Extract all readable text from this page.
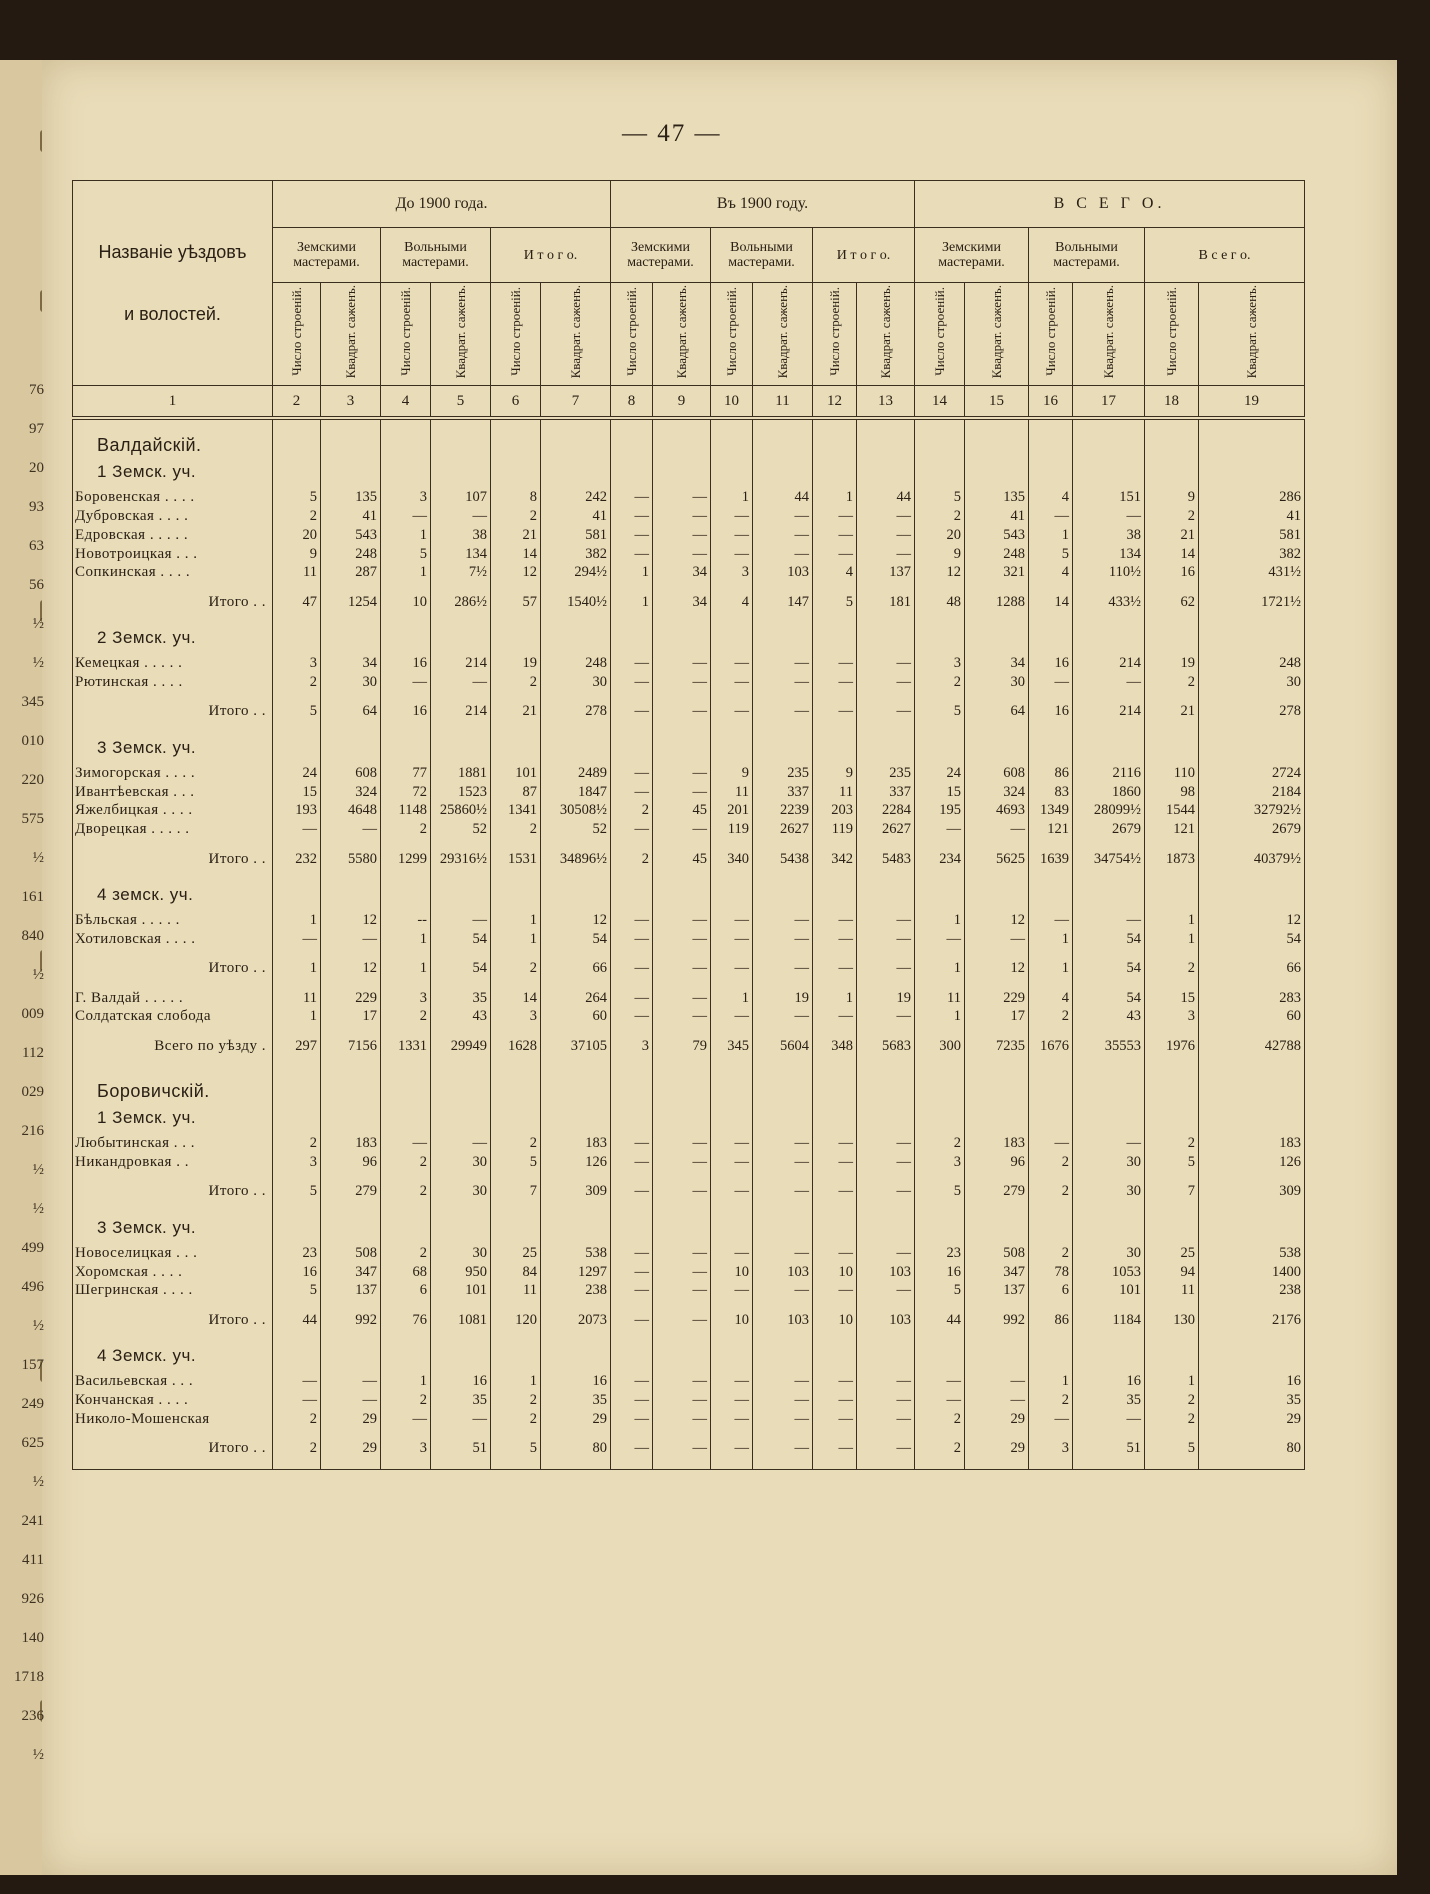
76
97
20
93
63
56
½
½
345
010
220
575
½
161
840
½
009
112
029
216
½
½
499
496
½
157
249
625
½
241
411
926
140
1718
236
½
— 47 —
Названіе уѣздовъ
и волостей.	До 1900 года.						Въ 1900 году.						В С Е Г О.					
	Земскими мастерами.		Вольными мастерами.		И т о г о.		Земскими мастерами.		Вольными мастерами.		И т о г о.		Земскими мастерами.		Вольными мастерами.		В с е г о.	
	Число строеній.	Квадрат. саженъ.	Число строеній.	Квадрат. саженъ.	Число строеній.	Квадрат. саженъ.	Число строеній.	Квадрат. саженъ.	Число строеній.	Квадрат. саженъ.	Число строеній.	Квадрат. саженъ.	Число строеній.	Квадрат. саженъ.	Число строеній.	Квадрат. саженъ.	Число строеній.	Квадрат. саженъ.
1	2	3	4	5	6	7	8	9	10	11	12	13	14	15	16	17	18	19
Валдайскій.																		
1 Земск. уч.																		
Боровенская . . . .	5	135	3	107	8	242	—	—	1	44	1	44	5	135	4	151	9	286
Дубровская . . . .	2	41	—	—	2	41	—	—	—	—	—	—	2	41	—	—	2	41
Едровская . . . . .	20	543	1	38	21	581	—	—	—	—	—	—	20	543	1	38	21	581
Новотроицкая . . .	9	248	5	134	14	382	—	—	—	—	—	—	9	248	5	134	14	382
Сопкинская . . . .	11	287	1	7½	12	294½	1	34	3	103	4	137	12	321	4	110½	16	431½
Итого . .	47	1254	10	286½	57	1540½	1	34	4	147	5	181	48	1288	14	433½	62	1721½
2 Земск. уч.																		
Кемецкая . . . . .	3	34	16	214	19	248	—	—	—	—	—	—	3	34	16	214	19	248
Рютинская . . . .	2	30	—	—	2	30	—	—	—	—	—	—	2	30	—	—	2	30
Итого . .	5	64	16	214	21	278	—	—	—	—	—	—	5	64	16	214	21	278
3 Земск. уч.																		
Зимогорская . . . .	24	608	77	1881	101	2489	—	—	9	235	9	235	24	608	86	2116	110	2724
Ивантѣевская . . .	15	324	72	1523	87	1847	—	—	11	337	11	337	15	324	83	1860	98	2184
Яжелбицкая . . . .	193	4648	1148	25860½	1341	30508½	2	45	201	2239	203	2284	195	4693	1349	28099½	1544	32792½
Дворецкая . . . . .	—	—	2	52	2	52	—	—	119	2627	119	2627	—	—	121	2679	121	2679
Итого . .	232	5580	1299	29316½	1531	34896½	2	45	340	5438	342	5483	234	5625	1639	34754½	1873	40379½
4 земск. уч.																		
Бѣльская . . . . .	1	12	--	—	1	12	—	—	—	—	—	—	1	12	—	—	1	12
Хотиловская . . . .	—	—	1	54	1	54	—	—	—	—	—	—	—	—	1	54	1	54
Итого . .	1	12	1	54	2	66	—	—	—	—	—	—	1	12	1	54	2	66
Г. Валдай . . . . .	11	229	3	35	14	264	—	—	1	19	1	19	11	229	4	54	15	283
Солдатская слобода	1	17	2	43	3	60	—	—	—	—	—	—	1	17	2	43	3	60
Всего по уѣзду .	297	7156	1331	29949	1628	37105	3	79	345	5604	348	5683	300	7235	1676	35553	1976	42788
Боровичскій.																		
1 Земск. уч.																		
Любытинская . . .	2	183	—	—	2	183	—	—	—	—	—	—	2	183	—	—	2	183
Никандровкая . .	3	96	2	30	5	126	—	—	—	—	—	—	3	96	2	30	5	126
Итого . .	5	279	2	30	7	309	—	—	—	—	—	—	5	279	2	30	7	309
3 Земск. уч.																		
Новоселицкая . . .	23	508	2	30	25	538	—	—	—	—	—	—	23	508	2	30	25	538
Хоромская . . . .	16	347	68	950	84	1297	—	—	10	103	10	103	16	347	78	1053	94	1400
Шегринская . . . .	5	137	6	101	11	238	—	—	—	—	—	—	5	137	6	101	11	238
Итого . .	44	992	76	1081	120	2073	—	—	10	103	10	103	44	992	86	1184	130	2176
4 Земск. уч.																		
Васильевская . . .	—	—	1	16	1	16	—	—	—	—	—	—	—	—	1	16	1	16
Кончанская . . . .	—	—	2	35	2	35	—	—	—	—	—	—	—	—	2	35	2	35
Николо-Мошенская	2	29	—	—	2	29	—	—	—	—	—	—	2	29	—	—	2	29
Итого . .	2	29	3	51	5	80	—	—	—	—	—	—	2	29	3	51	5	80
